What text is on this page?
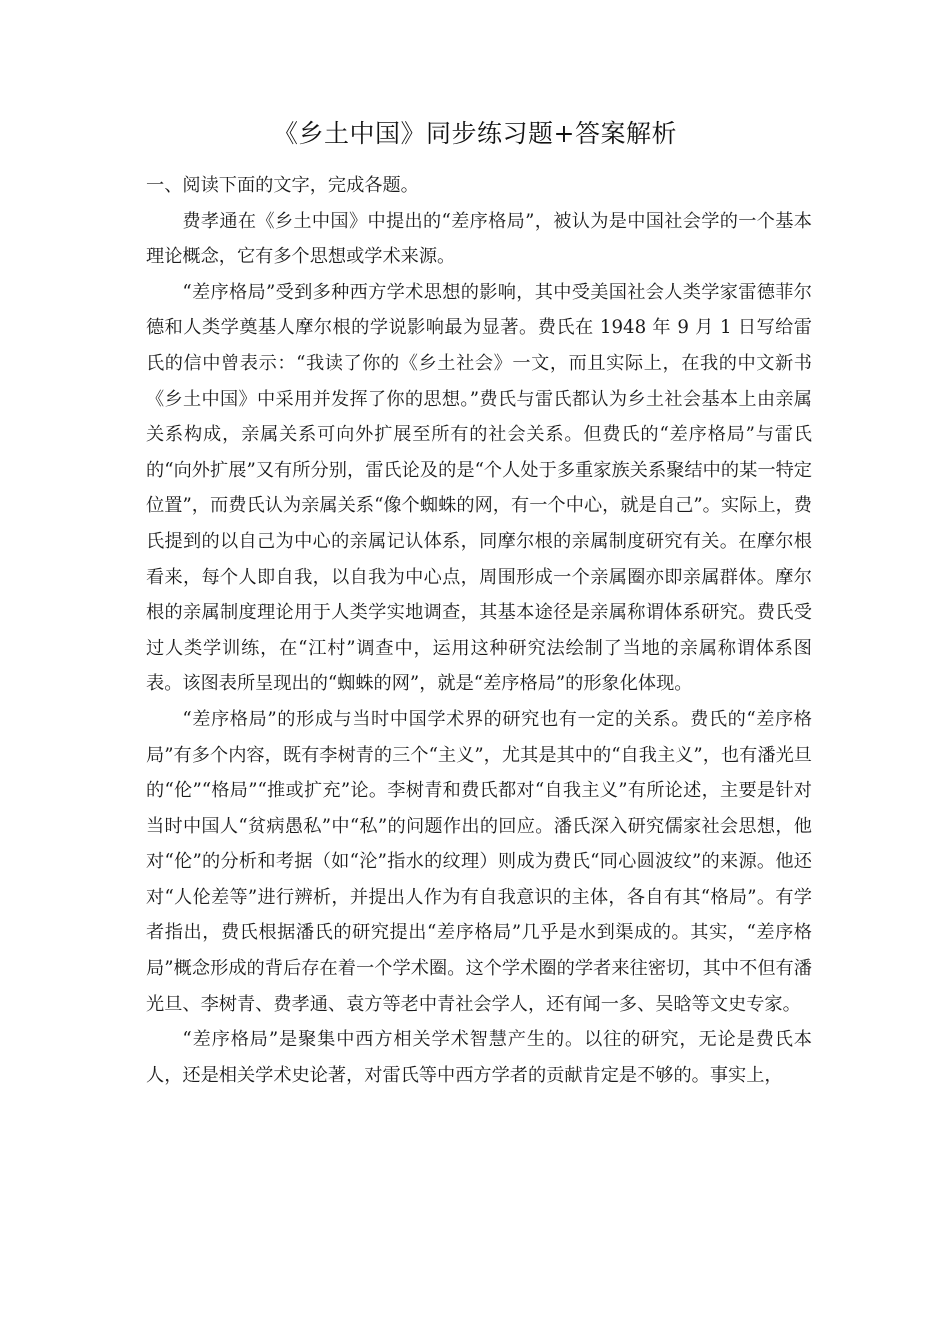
《乡土中国》同步练习题+答案解析

一、阅读下面的文字，完成各题。

费孝通在《乡土中国》中提出的“差序格局”，被认为是中国社会学的一个基本理论概念，它有多个思想或学术来源。

“差序格局”受到多种西方学术思想的影响，其中受美国社会人类学家雷德菲尔德和人类学奠基人摩尔根的学说影响最为显著。费氏在 1948 年 9 月 1 日写给雷氏的信中曾表示：“我读了你的《乡土社会》一文，而且实际上，在我的中文新书《乡土中国》中采用并发挥了你的思想。”费氏与雷氏都认为乡土社会基本上由亲属关系构成，亲属关系可向外扩展至所有的社会关系。但费氏的“差序格局”与雷氏的“向外扩展”又有所分别，雷氏论及的是“个人处于多重家族关系聚结中的某一特定位置”，而费氏认为亲属关系“像个蜘蛛的网，有一个中心，就是自己”。实际上，费氏提到的以自己为中心的亲属记认体系，同摩尔根的亲属制度研究有关。在摩尔根看来，每个人即自我，以自我为中心点，周围形成一个亲属圈亦即亲属群体。摩尔根的亲属制度理论用于人类学实地调查，其基本途径是亲属称谓体系研究。费氏受过人类学训练，在“江村”调查中，运用这种研究法绘制了当地的亲属称谓体系图表。该图表所呈现出的“蜘蛛的网”，就是“差序格局”的形象化体现。

“差序格局”的形成与当时中国学术界的研究也有一定的关系。费氏的“差序格局”有多个内容，既有李树青的三个“主义”，尤其是其中的“自我主义”，也有潘光旦的“伦”“格局”“推或扩充”论。李树青和费氏都对“自我主义”有所论述，主要是针对当时中国人“贫病愚私”中“私”的问题作出的回应。潘氏深入研究儒家社会思想，他对“伦”的分析和考据（如“沦”指水的纹理）则成为费氏“同心圆波纹”的来源。他还对“人伦差等”进行辨析，并提出人作为有自我意识的主体，各自有其“格局”。有学者指出，费氏根据潘氏的研究提出“差序格局”几乎是水到渠成的。其实，“差序格局”概念形成的背后存在着一个学术圈。这个学术圈的学者来往密切，其中不但有潘光旦、李树青、费孝通、袁方等老中青社会学人，还有闻一多、吴晗等文史专家。

“差序格局”是聚集中西方相关学术智慧产生的。以往的研究，无论是费氏本人，还是相关学术史论著，对雷氏等中西方学者的贡献肯定是不够的。事实上，
